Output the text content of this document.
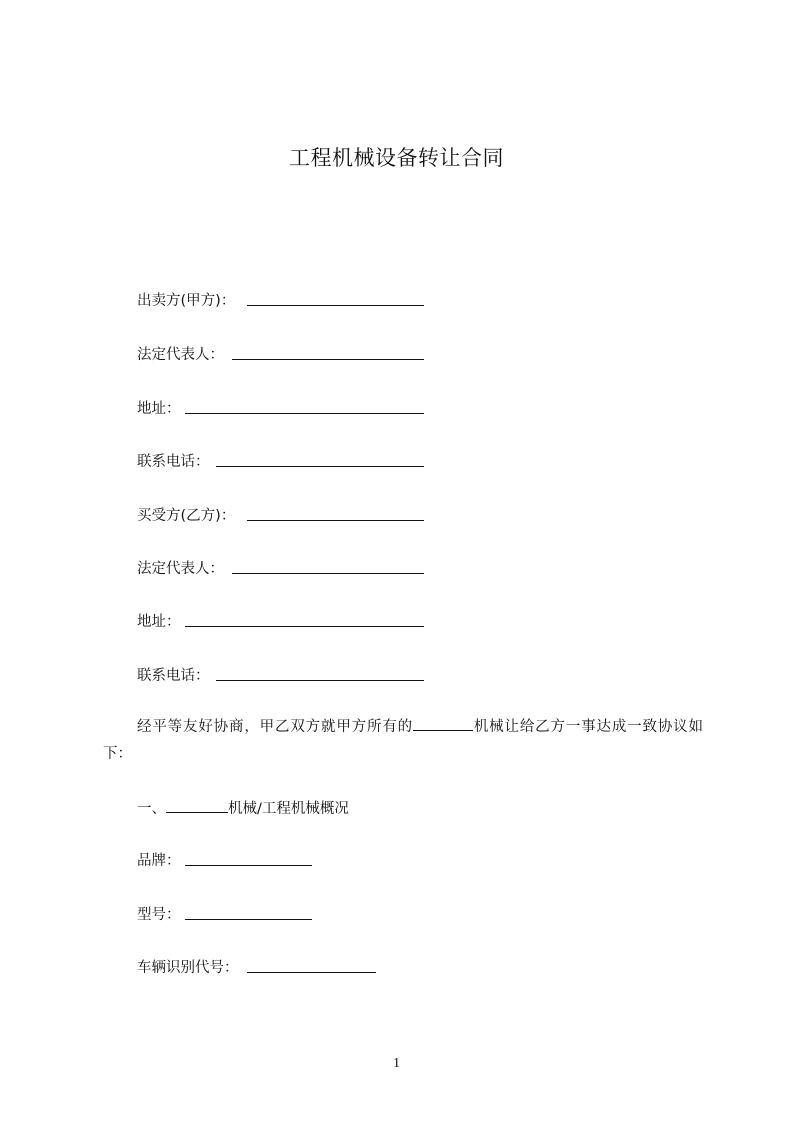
工程机械设备转让合同
出卖方(甲方)：
法定代表人：
地址：
联系电话：
买受方(乙方)：
法定代表人：
地址：
联系电话：
经平等友好协商，甲乙双方就甲方所有的	机械让给乙方一事达成一致协议如下：
一、	机械/工程机械概况
品牌：
型号：
车辆识别代号：
1
